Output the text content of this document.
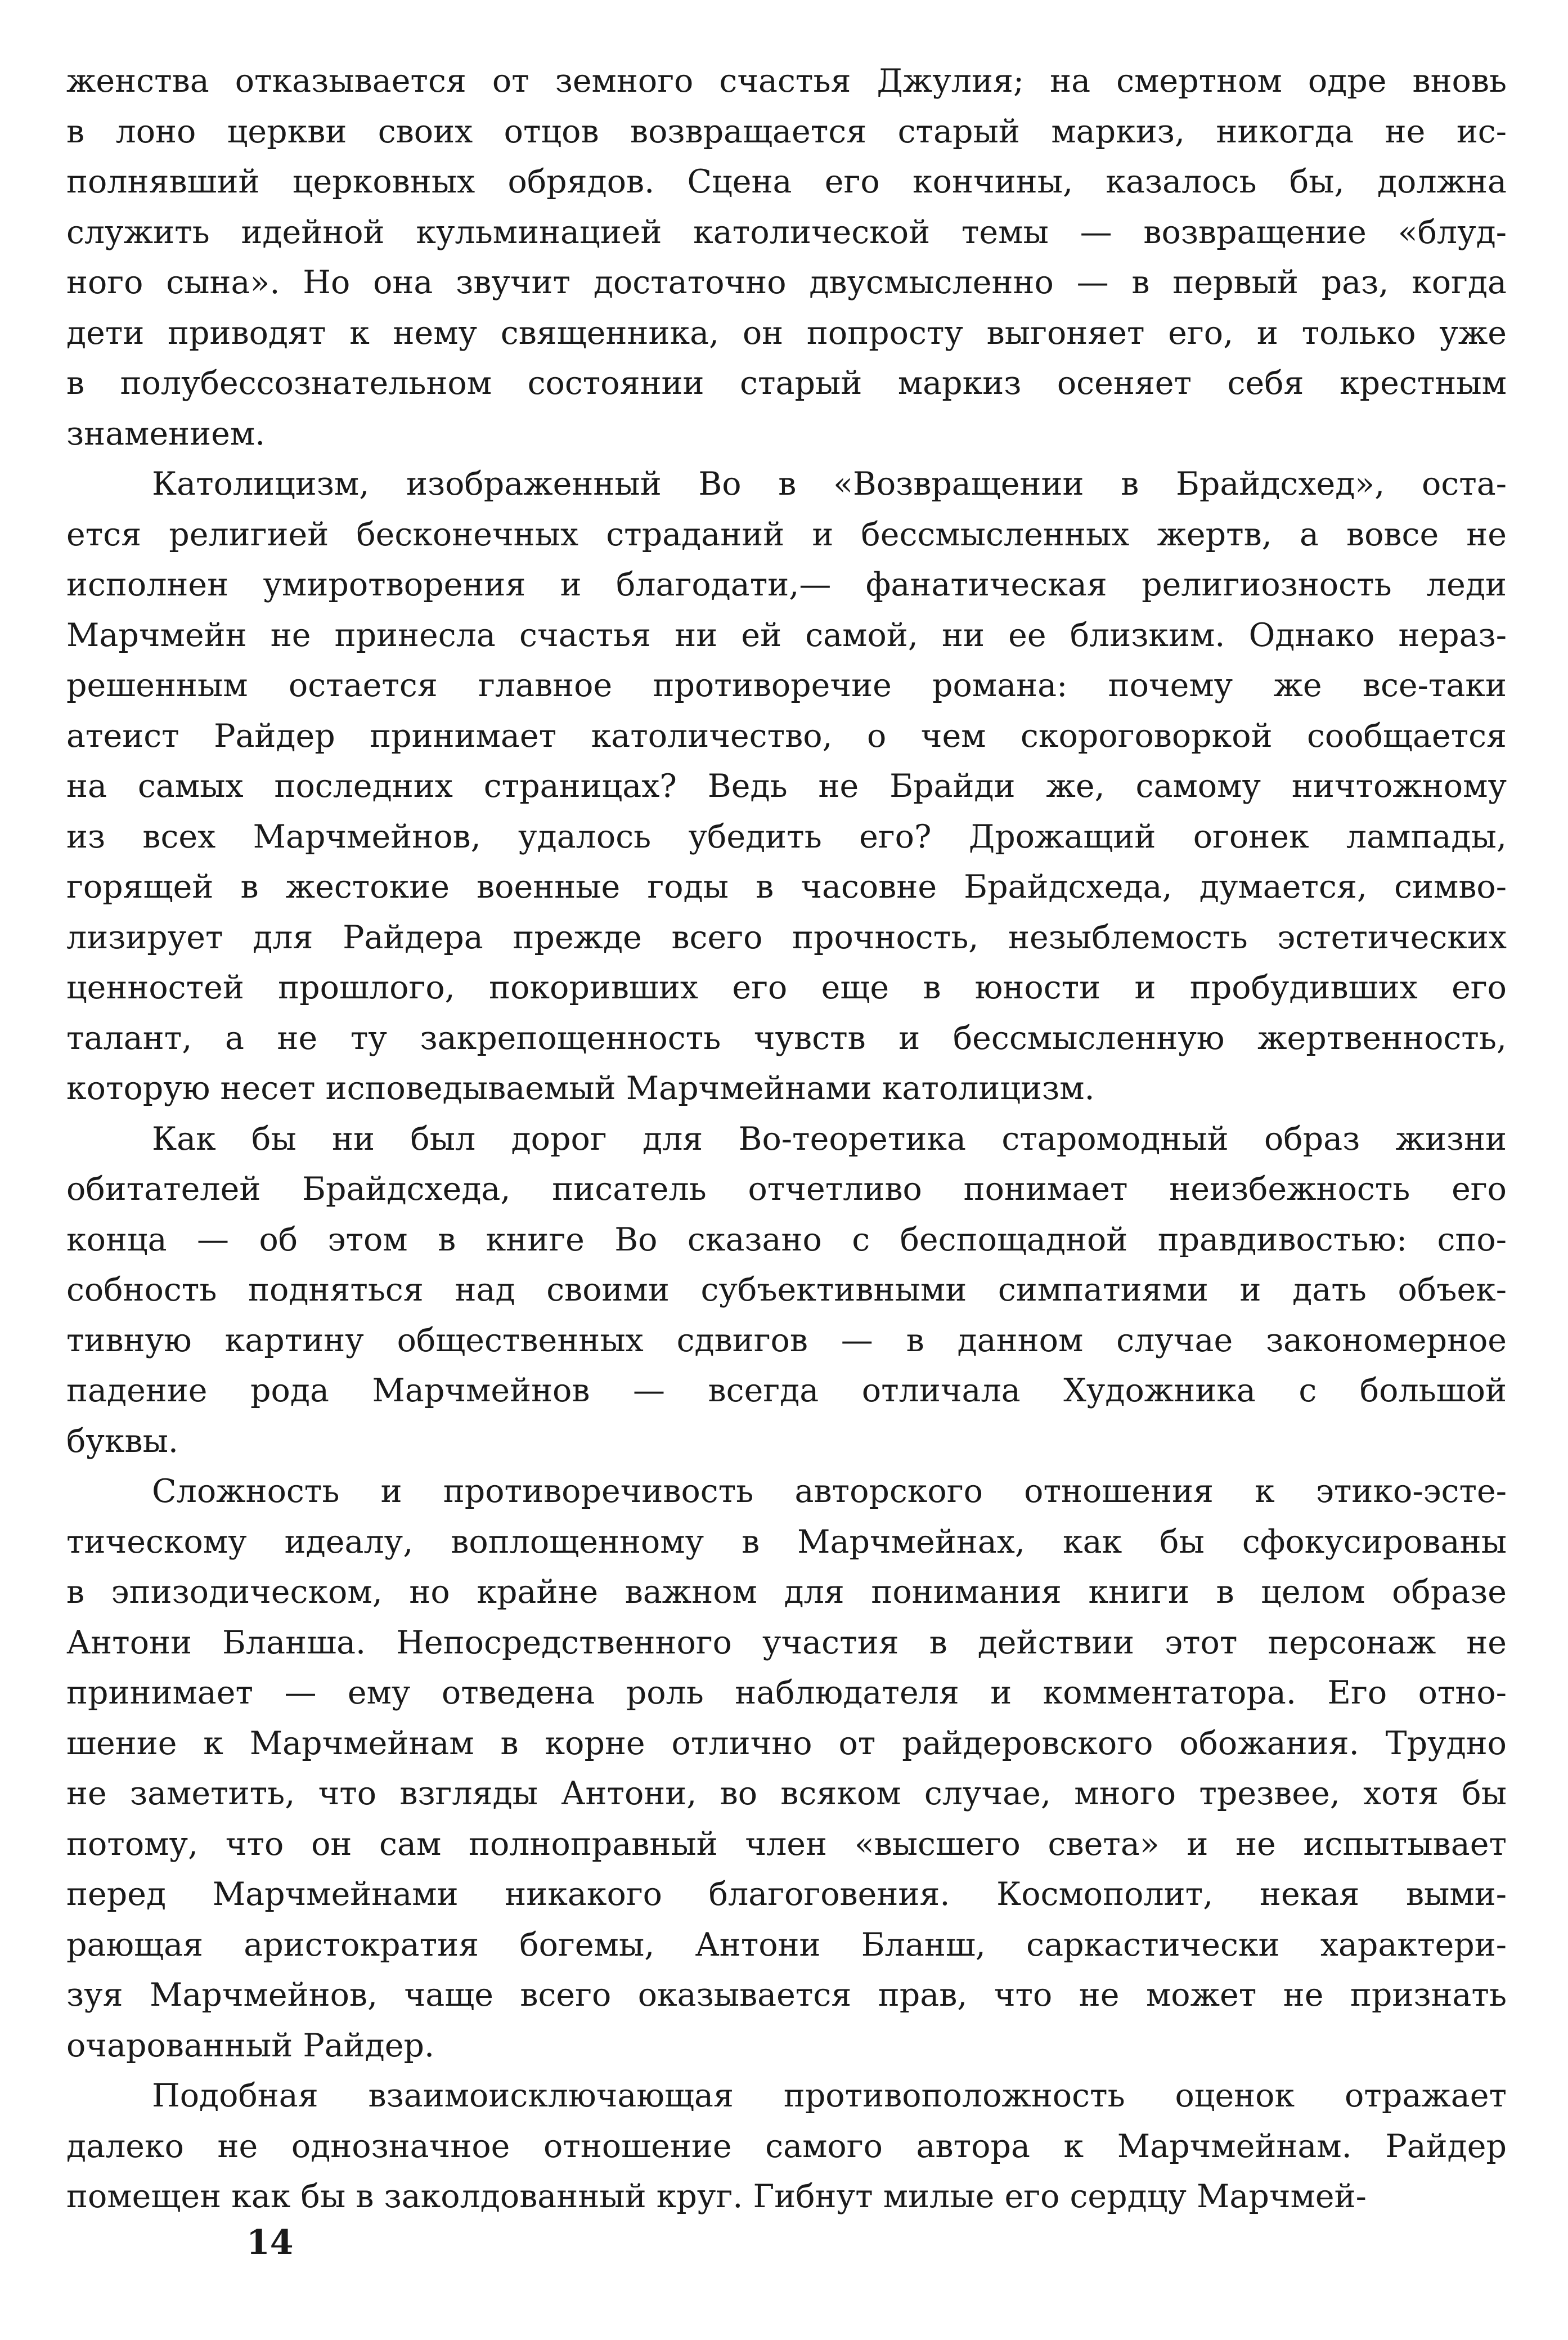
женства отказывается от земного счастья Джулия; на смертном одре вновь
в лоно церкви своих отцов возвращается старый маркиз, никогда не ис-
полнявший церковных обрядов. Сцена его кончины, казалось бы, должна
служить идейной кульминацией католической темы — возвращение «блуд-
ного сына». Но она звучит достаточно двусмысленно — в первый раз, когда
дети приводят к нему священника, он попросту выгоняет его, и только уже
в полубессознательном состоянии старый маркиз осеняет себя крестным
знамением.
Католицизм, изображенный Во в «Возвращении в Брайдсхед», оста-
ется религией бесконечных страданий и бессмысленных жертв, а вовсе не
исполнен умиротворения и благодати,— фанатическая религиозность леди
Марчмейн не принесла счастья ни ей самой, ни ее близким. Однако нераз-
решенным остается главное противоречие романа: почему же все-таки
атеист Райдер принимает католичество, о чем скороговоркой сообщается
на самых последних страницах? Ведь не Брайди же, самому ничтожному
из всех Марчмейнов, удалось убедить его? Дрожащий огонек лампады,
горящей в жестокие военные годы в часовне Брайдсхеда, думается, симво-
лизирует для Райдера прежде всего прочность, незыблемость эстетических
ценностей прошлого, покоривших его еще в юности и пробудивших его
талант, а не ту закрепощенность чувств и бессмысленную жертвенность,
которую несет исповедываемый Марчмейнами католицизм.
Как бы ни был дорог для Во-теоретика старомодный образ жизни
обитателей Брайдсхеда, писатель отчетливо понимает неизбежность его
конца — об этом в книге Во сказано с беспощадной правдивостью: спо-
собность подняться над своими субъективными симпатиями и дать объек-
тивную картину общественных сдвигов — в данном случае закономерное
падение рода Марчмейнов — всегда отличала Художника с большой
буквы.
Сложность и противоречивость авторского отношения к этико-эсте-
тическому идеалу, воплощенному в Марчмейнах, как бы сфокусированы
в эпизодическом, но крайне важном для понимания книги в целом образе
Антони Бланша. Непосредственного участия в действии этот персонаж не
принимает — ему отведена роль наблюдателя и комментатора. Его отно-
шение к Марчмейнам в корне отлично от райдеровского обожания. Трудно
не заметить, что взгляды Антони, во всяком случае, много трезвее, хотя бы
потому, что он сам полноправный член «высшего света» и не испытывает
перед Марчмейнами никакого благоговения. Космополит, некая выми-
рающая аристократия богемы, Антони Бланш, саркастически характери-
зуя Марчмейнов, чаще всего оказывается прав, что не может не признать
очарованный Райдер.
Подобная взаимоисключающая противоположность оценок отражает
далеко не однозначное отношение самого автора к Марчмейнам. Райдер
помещен как бы в заколдованный круг. Гибнут милые его сердцу Марчмей-
14
